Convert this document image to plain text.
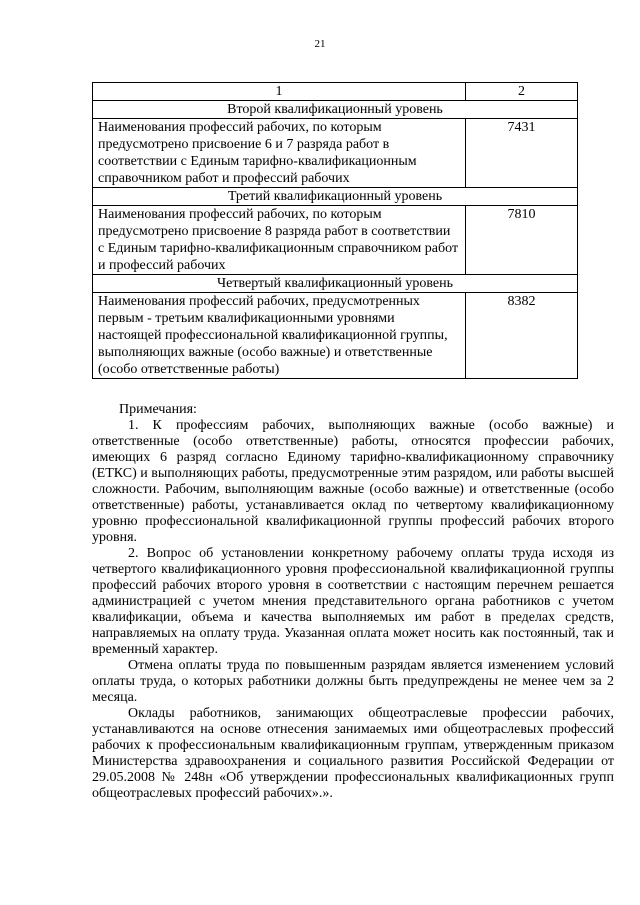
21
1	2
Второй квалификационный уровень	
Наименования профессий рабочих, по которым предусмотрено присвоение 6 и 7 разряда работ в соответствии с Единым тарифно-квалификационным справочником работ и профессий рабочих	7431
Третий квалификационный уровень	
Наименования профессий рабочих, по которым предусмотрено присвоение 8 разряда работ в соответствии с Единым тарифно-квалификационным справочником работ и профессий рабочих	7810
Четвертый квалификационный уровень	
Наименования профессий рабочих, предусмотренных первым - третьим квалификационными уровнями настоящей профессиональной квалификационной группы, выполняющих важные (особо важные) и ответственные (особо ответственные работы)	8382

Примечания:

1. К профессиям рабочих, выполняющих важные (особо важные) и ответственные (особо ответственные) работы, относятся профессии рабочих, имеющих 6 разряд согласно Единому тарифно-квалификационному справочнику (ЕТКС) и выполняющих работы, предусмотренные этим разрядом, или работы высшей сложности. Рабочим, выполняющим важные (особо важные) и ответственные (особо ответственные) работы, устанавливается оклад по четвертому квалификационному уровню профессиональной квалификационной группы профессий рабочих второго уровня.

2. Вопрос об установлении конкретному рабочему оплаты труда исходя из четвертого квалификационного уровня профессиональной квалификационной группы профессий рабочих второго уровня в соответствии с настоящим перечнем решается администрацией с учетом мнения представительного органа работников с учетом квалификации, объема и качества выполняемых им работ в пределах средств, направляемых на оплату труда. Указанная оплата может носить как постоянный, так и временный характер.

Отмена оплаты труда по повышенным разрядам является изменением условий оплаты труда, о которых работники должны быть предупреждены не менее чем за 2 месяца.

Оклады работников, занимающих общеотраслевые профессии рабочих, устанавливаются на основе отнесения занимаемых ими общеотраслевых профессий рабочих к профессиональным квалификационным группам, утвержденным приказом Министерства здравоохранения и социального развития Российской Федерации от 29.05.2008 № 248н «Об утверждении профессиональных квалификационных групп общеотраслевых профессий рабочих».».
